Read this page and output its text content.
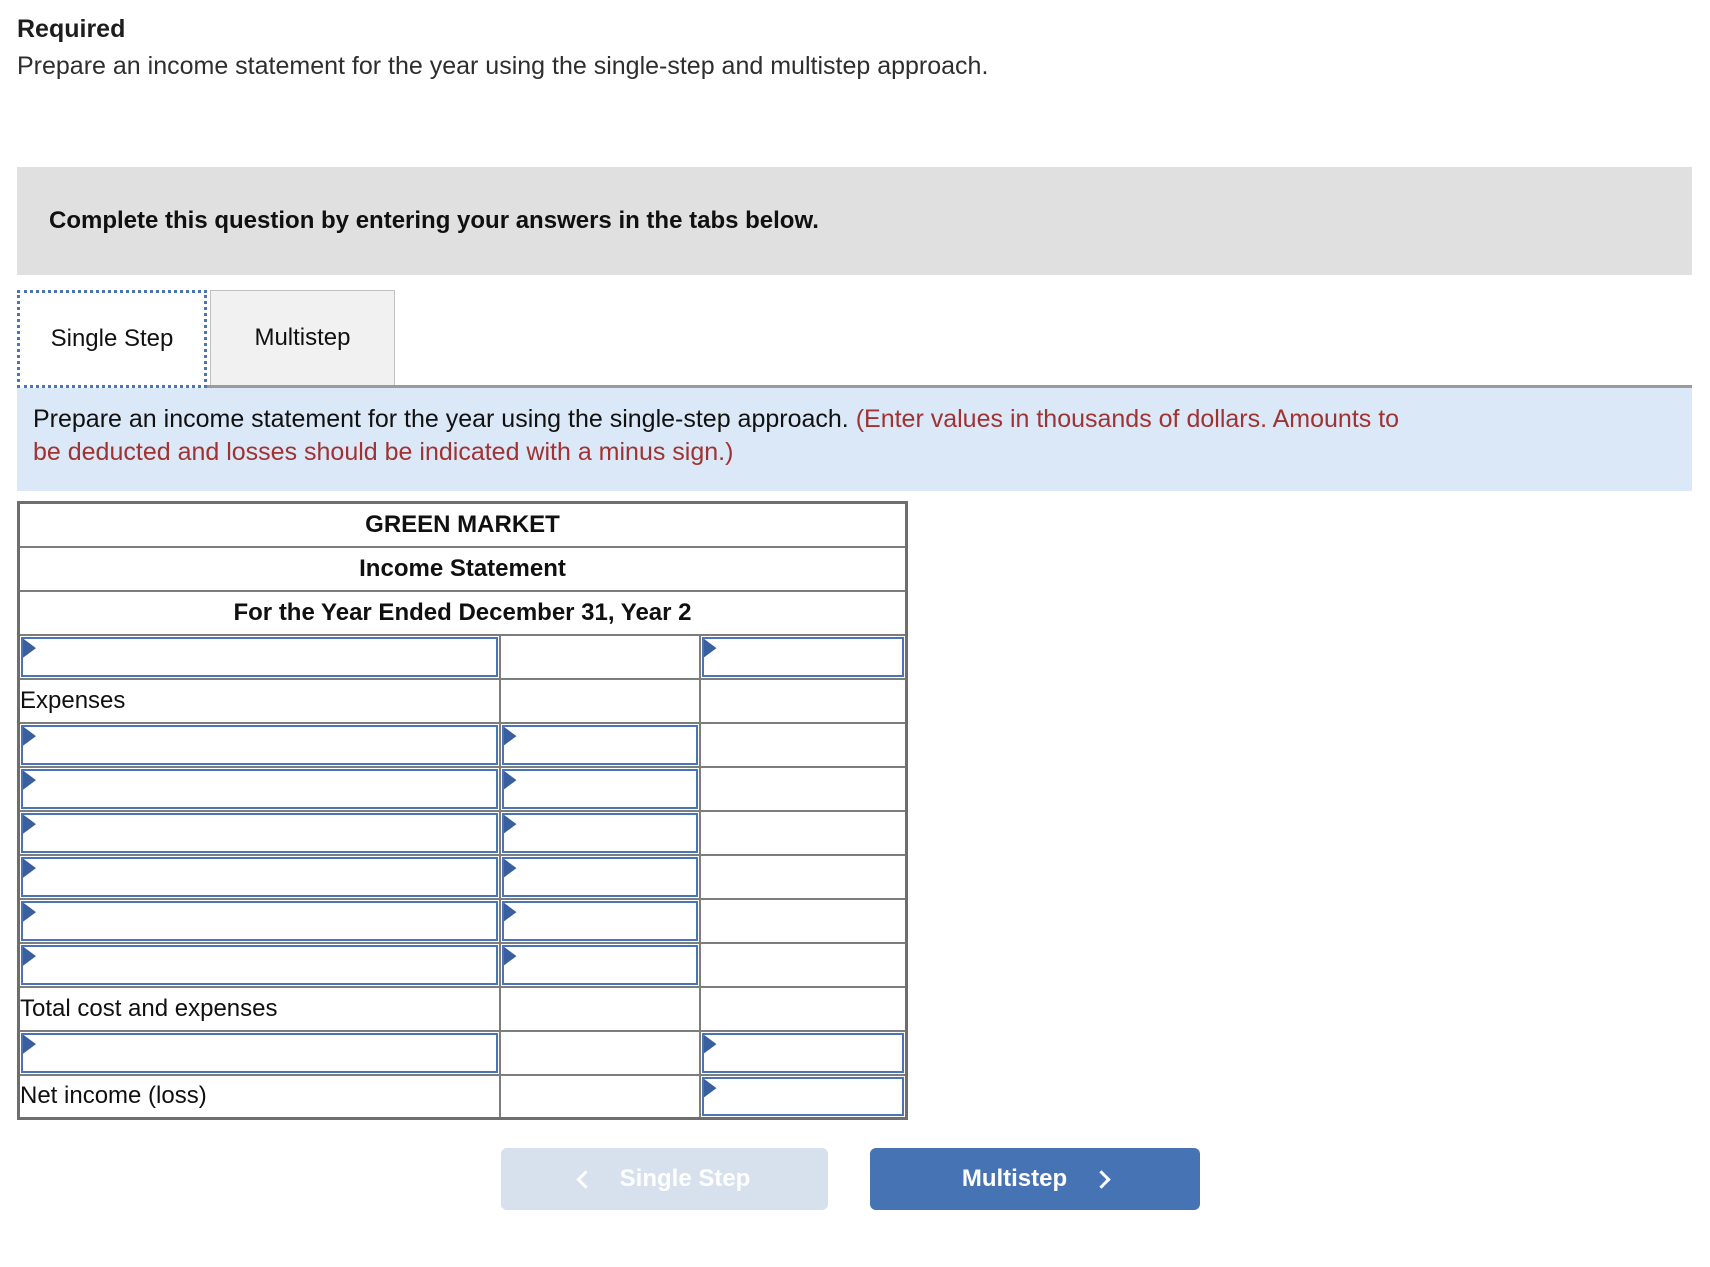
Required
Prepare an income statement for the year using the single-step and multistep approach.
Complete this question by entering your answers in the tabs below.
Single Step	Multistep
Prepare an income statement for the year using the single-step approach. (Enter values in thousands of dollars. Amounts to
be deducted and losses should be indicated with a minus sign.)
GREEN MARKET		
Income Statement		
For the Year Ended December 31, Year 2		

Expenses		

Total cost and expenses		

Net income (loss)		
Single Step	Multistep
